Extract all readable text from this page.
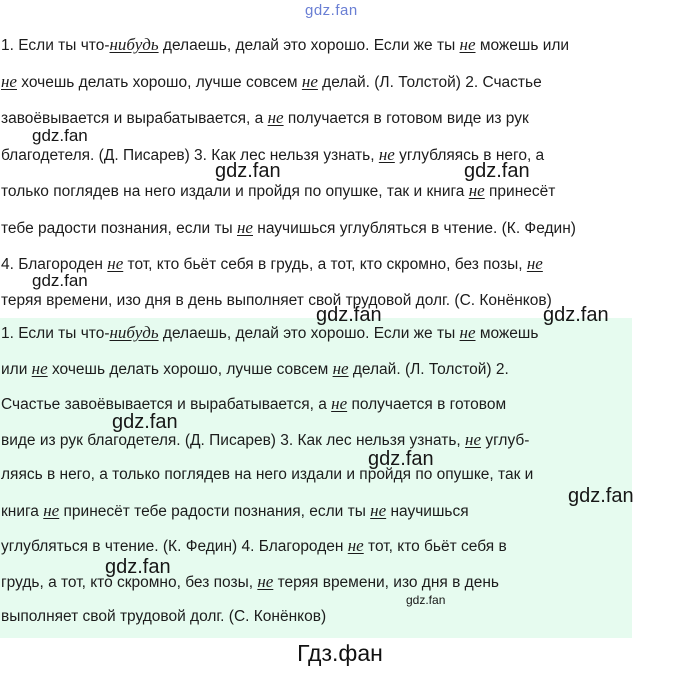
gdz.fan
1. Если ты что-нибудь делаешь, делай это хорошо. Если же ты не можешь или
не хочешь делать хорошо, лучше совсем не делай. (Л. Толстой) 2. Счастье
завоёвывается и вырабатывается, а не получается в готовом виде из рук
благодетеля. (Д. Писарев) 3. Как лес нельзя узнать, не углубляясь в него, а
только поглядев на него издали и пройдя по опушке, так и книга не принесёт
тебе радости познания, если ты не научишься углубляться в чтение. (К. Федин)
4. Благороден не тот, кто бьёт себя в грудь, а тот, кто скромно, без позы, не
теряя времени, изо дня в день выполняет свой трудовой долг. (С. Конёнков)
1. Если ты что-нибудь делаешь, делай это хорошо. Если же ты не можешь
или не хочешь делать хорошо, лучше совсем не делай. (Л. Толстой) 2.
Счастье завоёвывается и вырабатывается, а не получается в готовом
виде из рук благодетеля. (Д. Писарев) 3. Как лес нельзя узнать, не углуб-
ляясь в него, а только поглядев на него издали и пройдя по опушке, так и
книга не принесёт тебе радости познания, если ты не научишься
углубляться в чтение. (К. Федин) 4. Благороден не тот, кто бьёт себя в
грудь, а тот, кто скромно, без позы, не теряя времени, изо дня в день
выполняет свой трудовой долг. (С. Конёнков)
gdz.fan
gdz.fan	gdz.fan
gdz.fan
gdz.fan	gdz.fan
gdz.fan
gdz.fan
gdz.fan
gdz.fan
gdz.fan
Гдз.фан
